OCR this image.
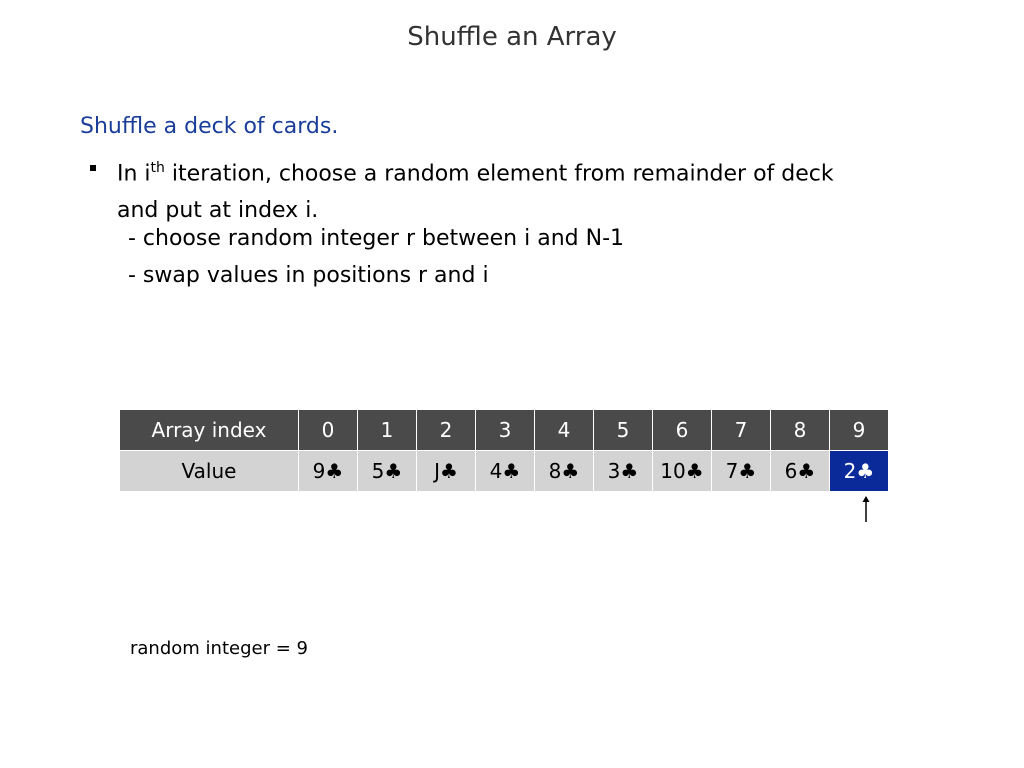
Shuffle an Array
Shuffle a deck of cards.
In $i^{th}$ iteration, choose a random element from remainder of deck
and put at index i.
- choose random integer r between i and N-1
- swap values in positions r and i
Array index	0	1	2	3	4	5	6	7	8	9
Value	9♣	5♣	J♣	4♣	8♣	3♣	10♣	7♣	6♣	2♣
random integer = 9
